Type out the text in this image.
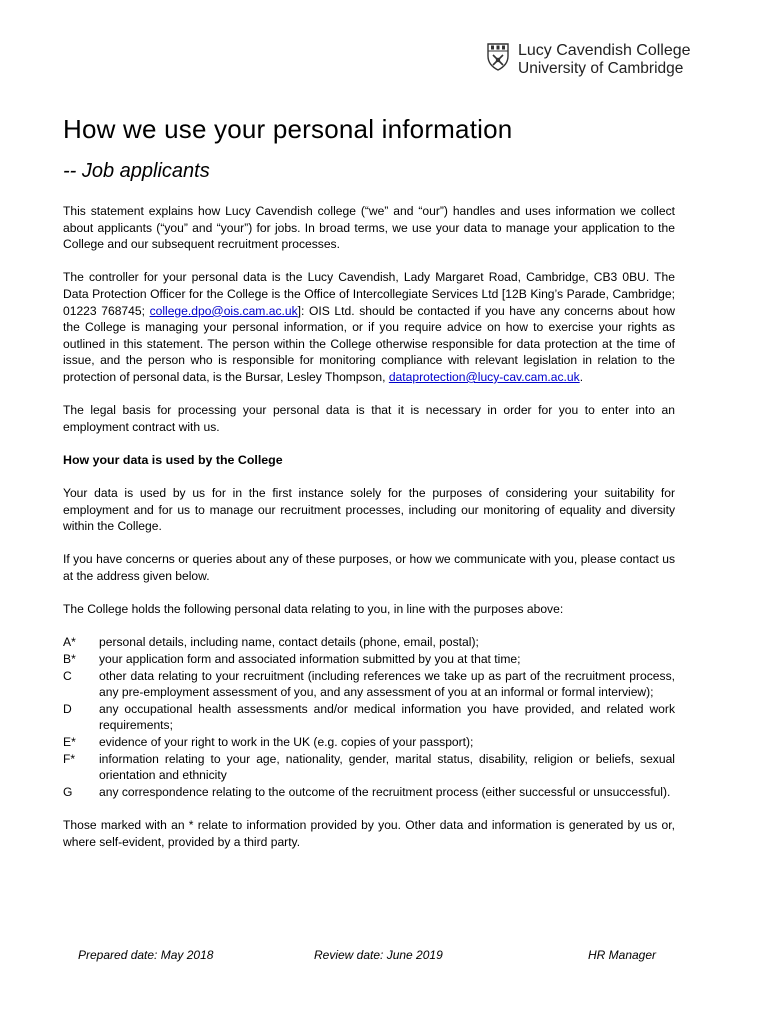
Lucy Cavendish College
University of Cambridge
How we use your personal information
-- Job applicants

This statement explains how Lucy Cavendish college (“we” and “our”) handles and uses information we collect about applicants (“you” and “your”) for jobs. In broad terms, we use your data to manage your application to the College and our subsequent recruitment processes.

The controller for your personal data is the Lucy Cavendish, Lady Margaret Road, Cambridge, CB3 0BU. The Data Protection Officer for the College is the Office of Intercollegiate Services Ltd [12B King’s Parade, Cambridge; 01223 768745; college.dpo@ois.cam.ac.uk]: OIS Ltd. should be contacted if you have any concerns about how the College is managing your personal information, or if you require advice on how to exercise your rights as outlined in this statement. The person within the College otherwise responsible for data protection at the time of issue, and the person who is responsible for monitoring compliance with relevant legislation in relation to the protection of personal data, is the Bursar, Lesley Thompson, dataprotection@lucy-cav.cam.ac.uk.

The legal basis for processing your personal data is that it is necessary in order for you to enter into an employment contract with us.

How your data is used by the College

Your data is used by us for in the first instance solely for the purposes of considering your suitability for employment and for us to manage our recruitment processes, including our monitoring of equality and diversity within the College.

If you have concerns or queries about any of these purposes, or how we communicate with you, please contact us at the address given below.

The College holds the following personal data relating to you, in line with the purposes above:

A*	personal details, including name, contact details (phone, email, postal);
B*	your application form and associated information submitted by you at that time;
C	other data relating to your recruitment (including references we take up as part of the recruitment process, any pre-employment assessment of you, and any assessment of you at an informal or formal interview);
D	any occupational health assessments and/or medical information you have provided, and related work requirements;
E*	evidence of your right to work in the UK (e.g. copies of your passport);
F*	information relating to your age, nationality, gender, marital status, disability, religion or beliefs, sexual orientation and ethnicity
G	any correspondence relating to the outcome of the recruitment process (either successful or unsuccessful).

Those marked with an * relate to information provided by you. Other data and information is generated by us or, where self-evident, provided by a third party.

Prepared date: May 2018	Review date: June 2019	HR Manager
